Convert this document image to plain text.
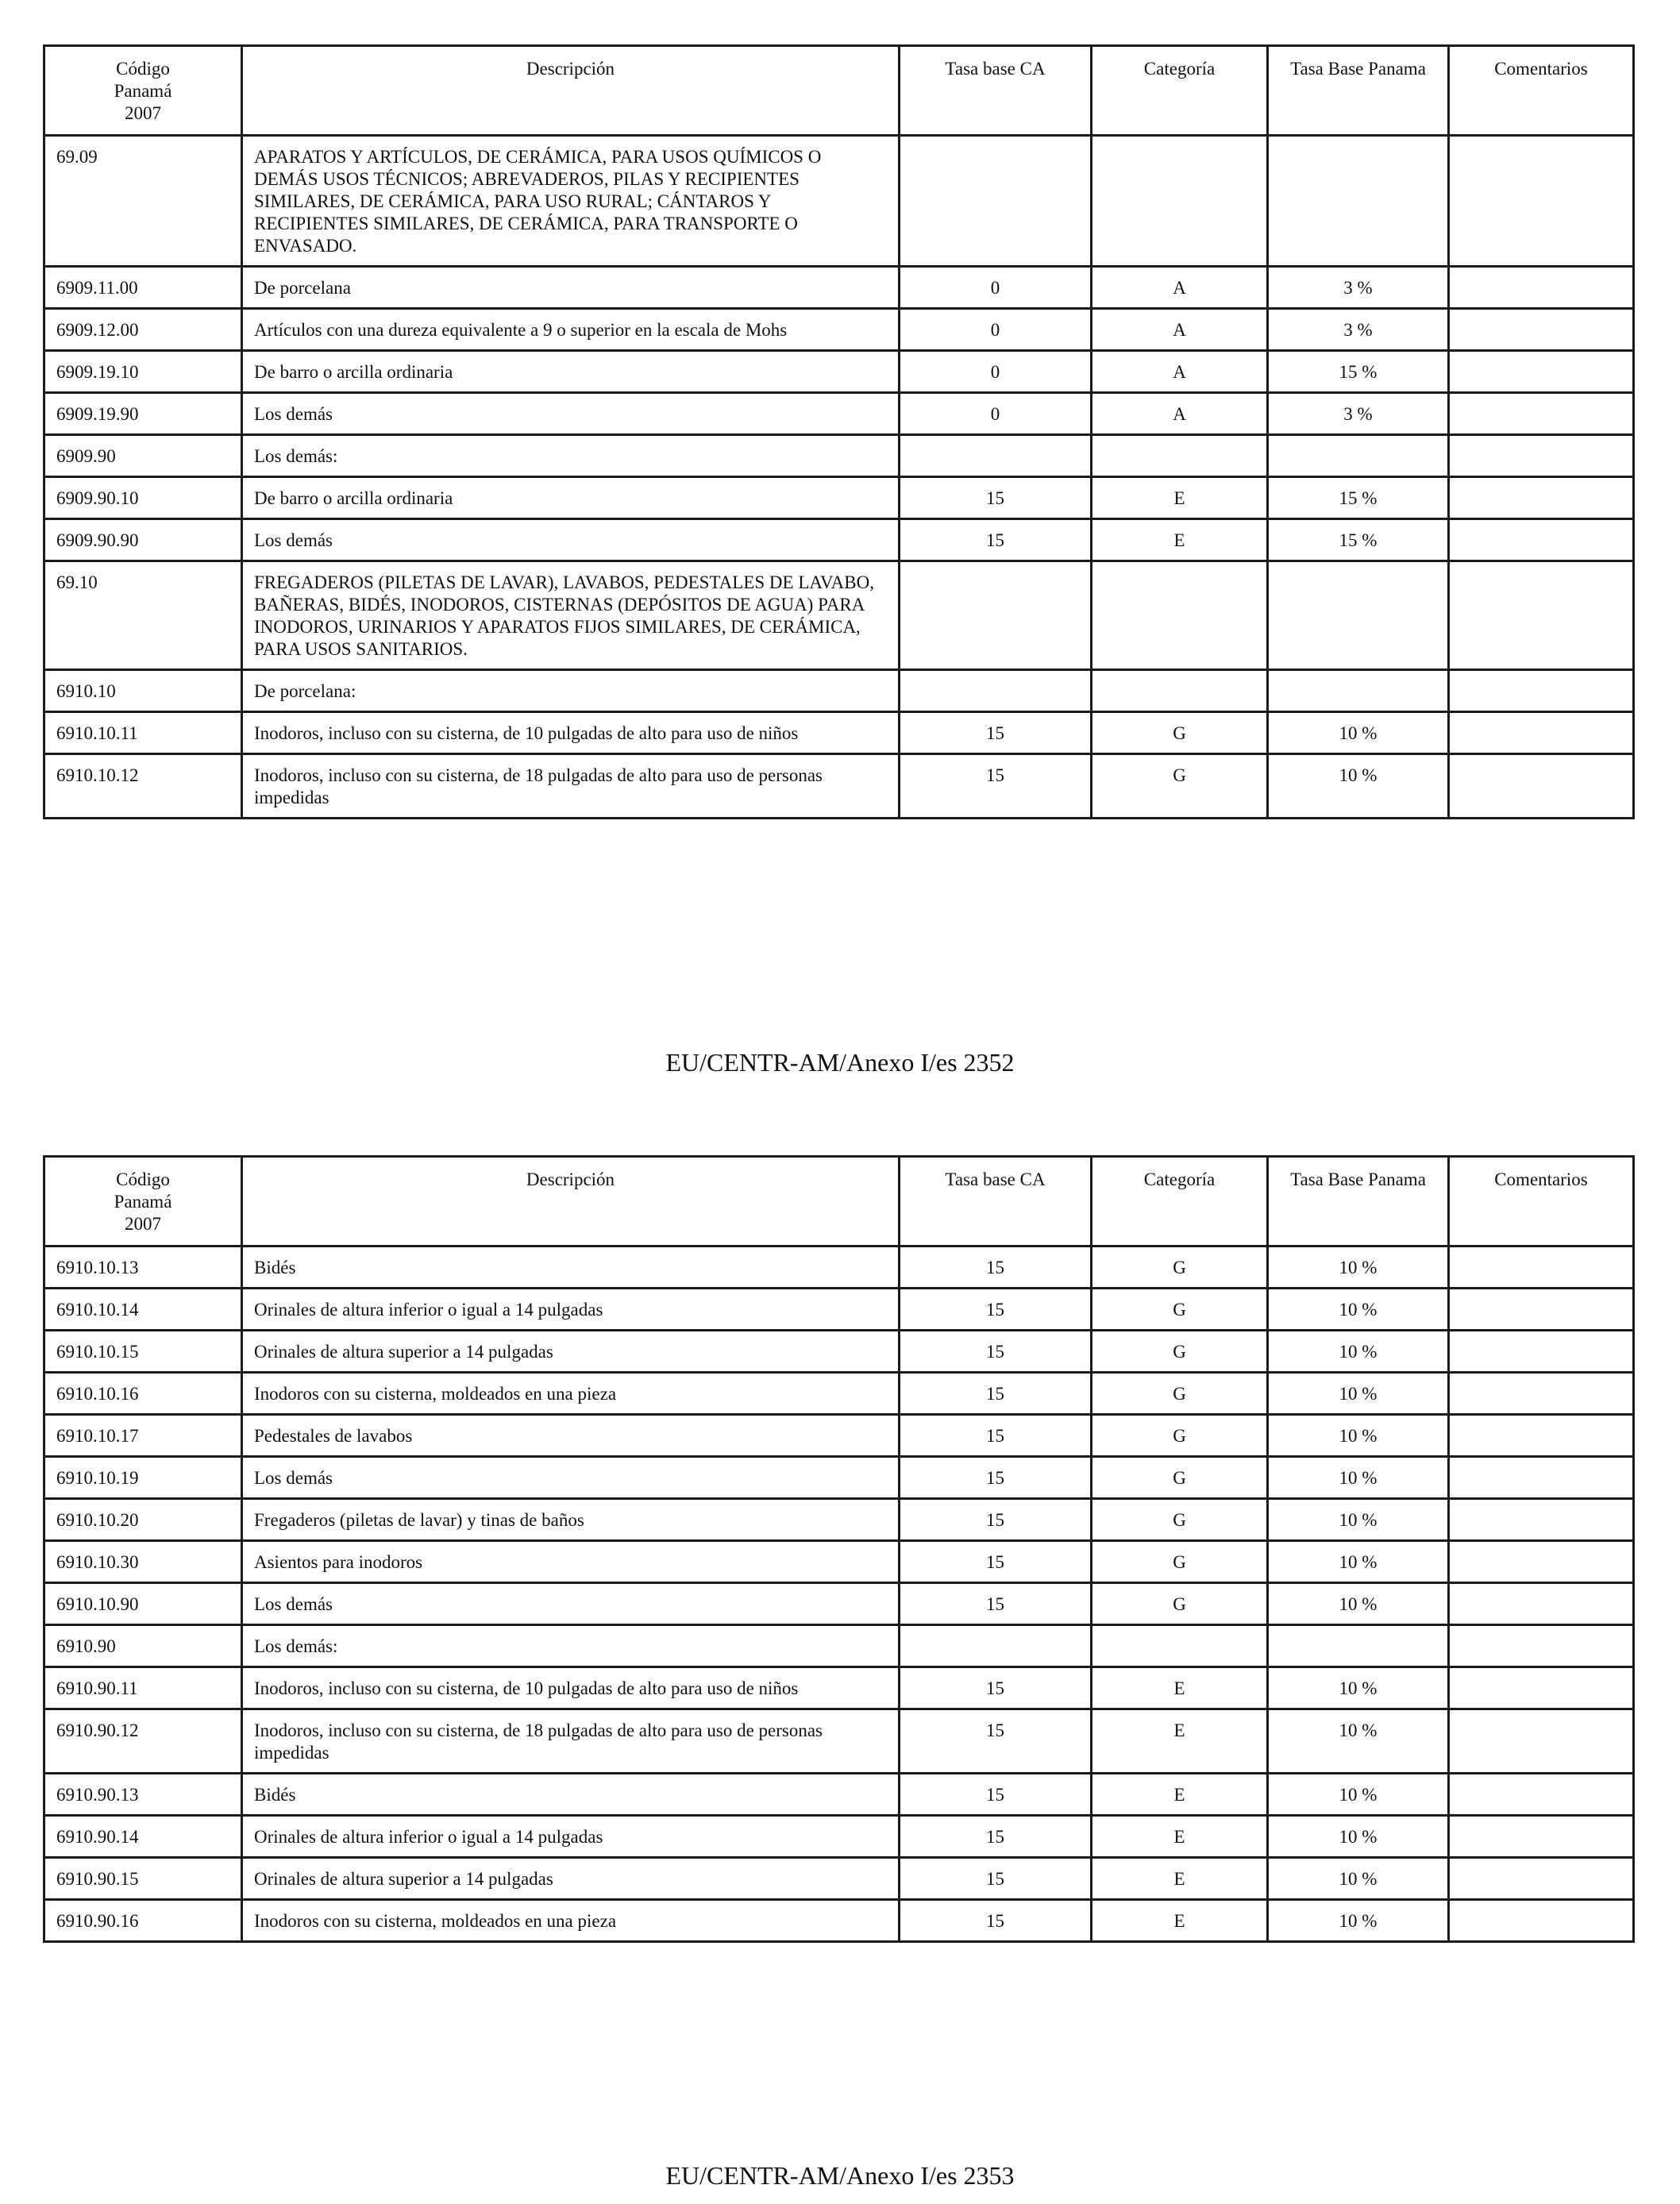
Código
Panamá
2007	Descripción	Tasa base CA	Categoría	Tasa Base Panama	Comentarios
69.09	APARATOS Y ARTÍCULOS, DE CERÁMICA, PARA USOS QUÍMICOS O DEMÁS USOS TÉCNICOS; ABREVADEROS, PILAS Y RECIPIENTES SIMILARES, DE CERÁMICA, PARA USO RURAL; CÁNTAROS Y RECIPIENTES SIMILARES, DE CERÁMICA, PARA TRANSPORTE O ENVASADO.				
6909.11.00	De porcelana	0	A	3 %	
6909.12.00	Artículos con una dureza equivalente a 9 o superior en la escala de Mohs	0	A	3 %	
6909.19.10	De barro o arcilla ordinaria	0	A	15 %	
6909.19.90	Los demás	0	A	3 %	
6909.90	Los demás:				
6909.90.10	De barro o arcilla ordinaria	15	E	15 %	
6909.90.90	Los demás	15	E	15 %	
69.10	FREGADEROS (PILETAS DE LAVAR), LAVABOS, PEDESTALES DE LAVABO, BAÑERAS, BIDÉS, INODOROS, CISTERNAS (DEPÓSITOS DE AGUA) PARA INODOROS, URINARIOS Y APARATOS FIJOS SIMILARES, DE CERÁMICA, PARA USOS SANITARIOS.				
6910.10	De porcelana:				
6910.10.11	Inodoros, incluso con su cisterna, de 10 pulgadas de alto para uso de niños	15	G	10 %	
6910.10.12	Inodoros, incluso con su cisterna, de 18 pulgadas de alto para uso de personas impedidas	15	G	10 %	
EU/CENTR-AM/Anexo I/es 2352
Código
Panamá
2007	Descripción	Tasa base CA	Categoría	Tasa Base Panama	Comentarios
6910.10.13	Bidés	15	G	10 %	
6910.10.14	Orinales de altura inferior o igual a 14 pulgadas	15	G	10 %	
6910.10.15	Orinales de altura superior a 14 pulgadas	15	G	10 %	
6910.10.16	Inodoros con su cisterna, moldeados en una pieza	15	G	10 %	
6910.10.17	Pedestales de lavabos	15	G	10 %	
6910.10.19	Los demás	15	G	10 %	
6910.10.20	Fregaderos (piletas de lavar) y tinas de baños	15	G	10 %	
6910.10.30	Asientos para inodoros	15	G	10 %	
6910.10.90	Los demás	15	G	10 %	
6910.90	Los demás:				
6910.90.11	Inodoros, incluso con su cisterna, de 10 pulgadas de alto para uso de niños	15	E	10 %	
6910.90.12	Inodoros, incluso con su cisterna, de 18 pulgadas de alto para uso de personas impedidas	15	E	10 %	
6910.90.13	Bidés	15	E	10 %	
6910.90.14	Orinales de altura inferior o igual a 14 pulgadas	15	E	10 %	
6910.90.15	Orinales de altura superior a 14 pulgadas	15	E	10 %	
6910.90.16	Inodoros con su cisterna, moldeados en una pieza	15	E	10 %	
EU/CENTR-AM/Anexo I/es 2353
